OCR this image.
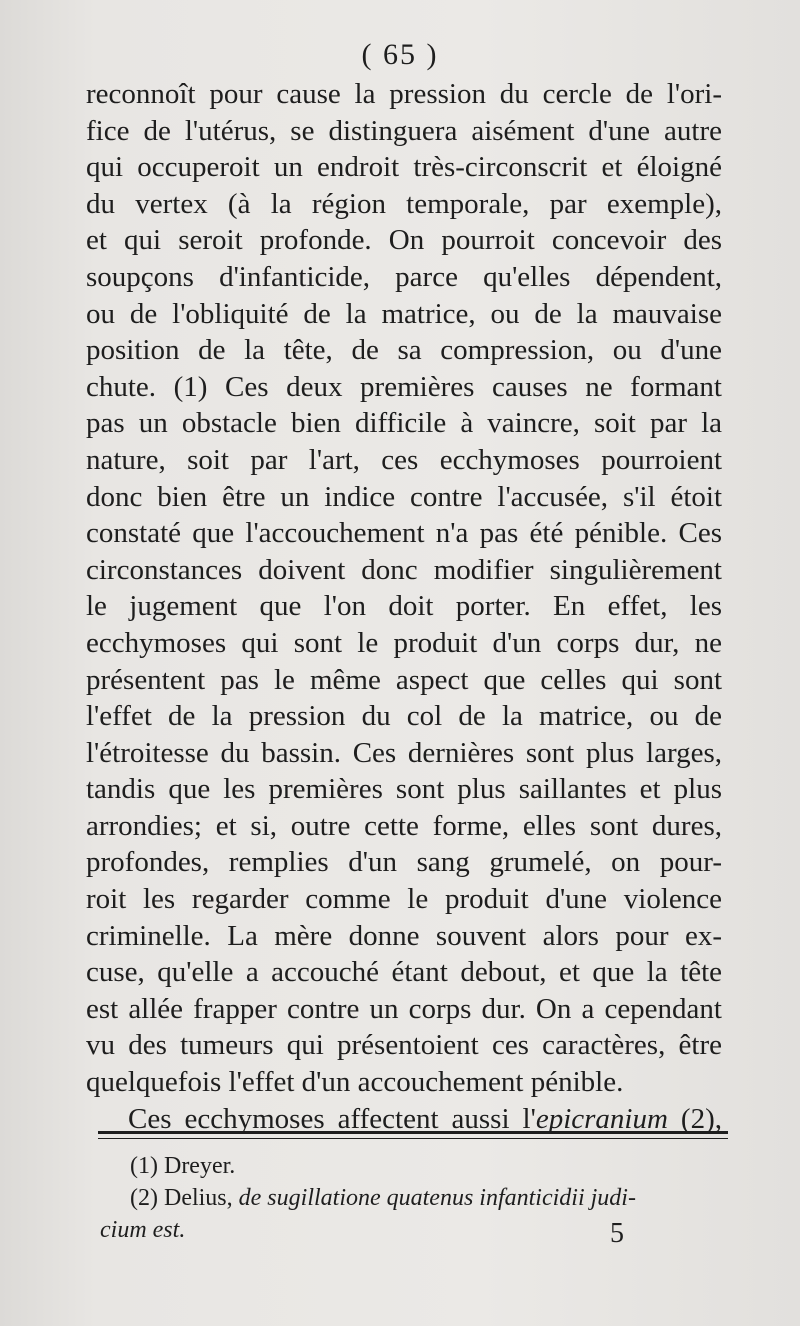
( 65 )
reconnoît pour cause la pression du cercle de l'ori-
fice de l'utérus, se distinguera aisément d'une autre
qui occuperoit un endroit très-circonscrit et éloigné
du vertex (à la région temporale, par exemple),
et qui seroit profonde. On pourroit concevoir des
soupçons d'infanticide, parce qu'elles dépendent,
ou de l'obliquité de la matrice, ou de la mauvaise
position de la tête, de sa compression, ou d'une
chute. (1) Ces deux premières causes ne formant
pas un obstacle bien difficile à vaincre, soit par la
nature, soit par l'art, ces ecchymoses pourroient
donc bien être un indice contre l'accusée, s'il étoit
constaté que l'accouchement n'a pas été pénible. Ces
circonstances doivent donc modifier singulièrement
le jugement que l'on doit porter. En effet, les
ecchymoses qui sont le produit d'un corps dur, ne
présentent pas le même aspect que celles qui sont
l'effet de la pression du col de la matrice, ou de
l'étroitesse du bassin. Ces dernières sont plus larges,
tandis que les premières sont plus saillantes et plus
arrondies; et si, outre cette forme, elles sont dures,
profondes, remplies d'un sang grumelé, on pour-
roit les regarder comme le produit d'une violence
criminelle. La mère donne souvent alors pour ex-
cuse, qu'elle a accouché étant debout, et que la tête
est allée frapper contre un corps dur. On a cependant
vu des tumeurs qui présentoient ces caractères, être
quelquefois l'effet d'un accouchement pénible.
Ces ecchymoses affectent aussi l'epicranium (2),
(1) Dreyer.
(2) Delius, de sugillatione quatenus infanticidii judi-
cium est.	5
